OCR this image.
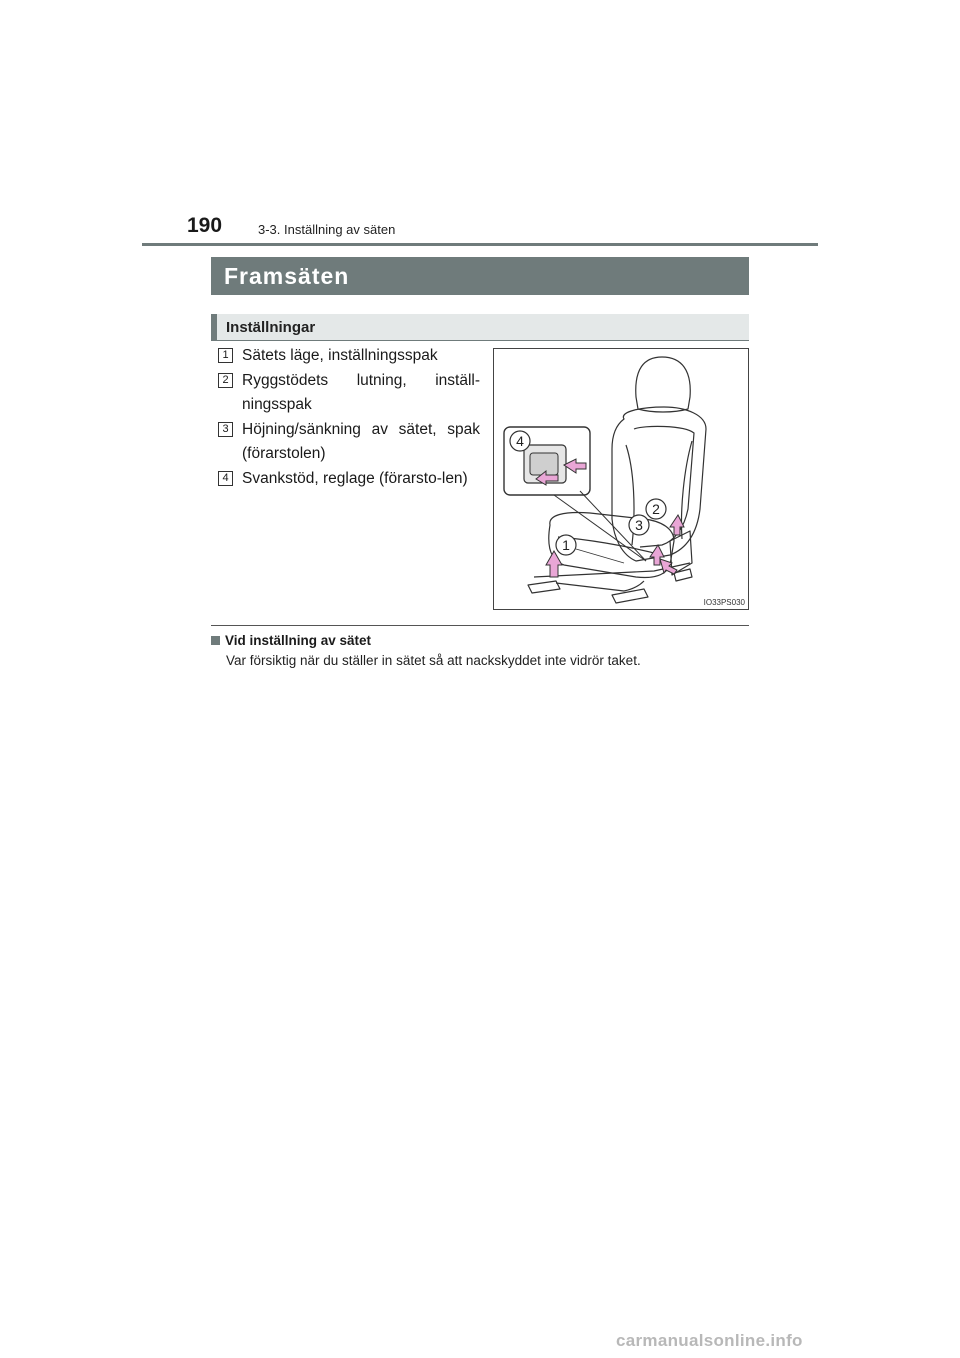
190	3-3. Inställning av säten
Framsäten
Inställningar
1 Sätets läge, inställningsspak
2 Ryggstödets lutning, inställ-ningsspak
3 Höjning/sänkning av sätet, spak (förarstolen)
4 Svankstöd, reglage (förarsto-len)
4
2
3
1
IO33PS030
Vid inställning av sätet
Var försiktig när du ställer in sätet så att nackskyddet inte vidrör taket.
carmanualsonline.info
